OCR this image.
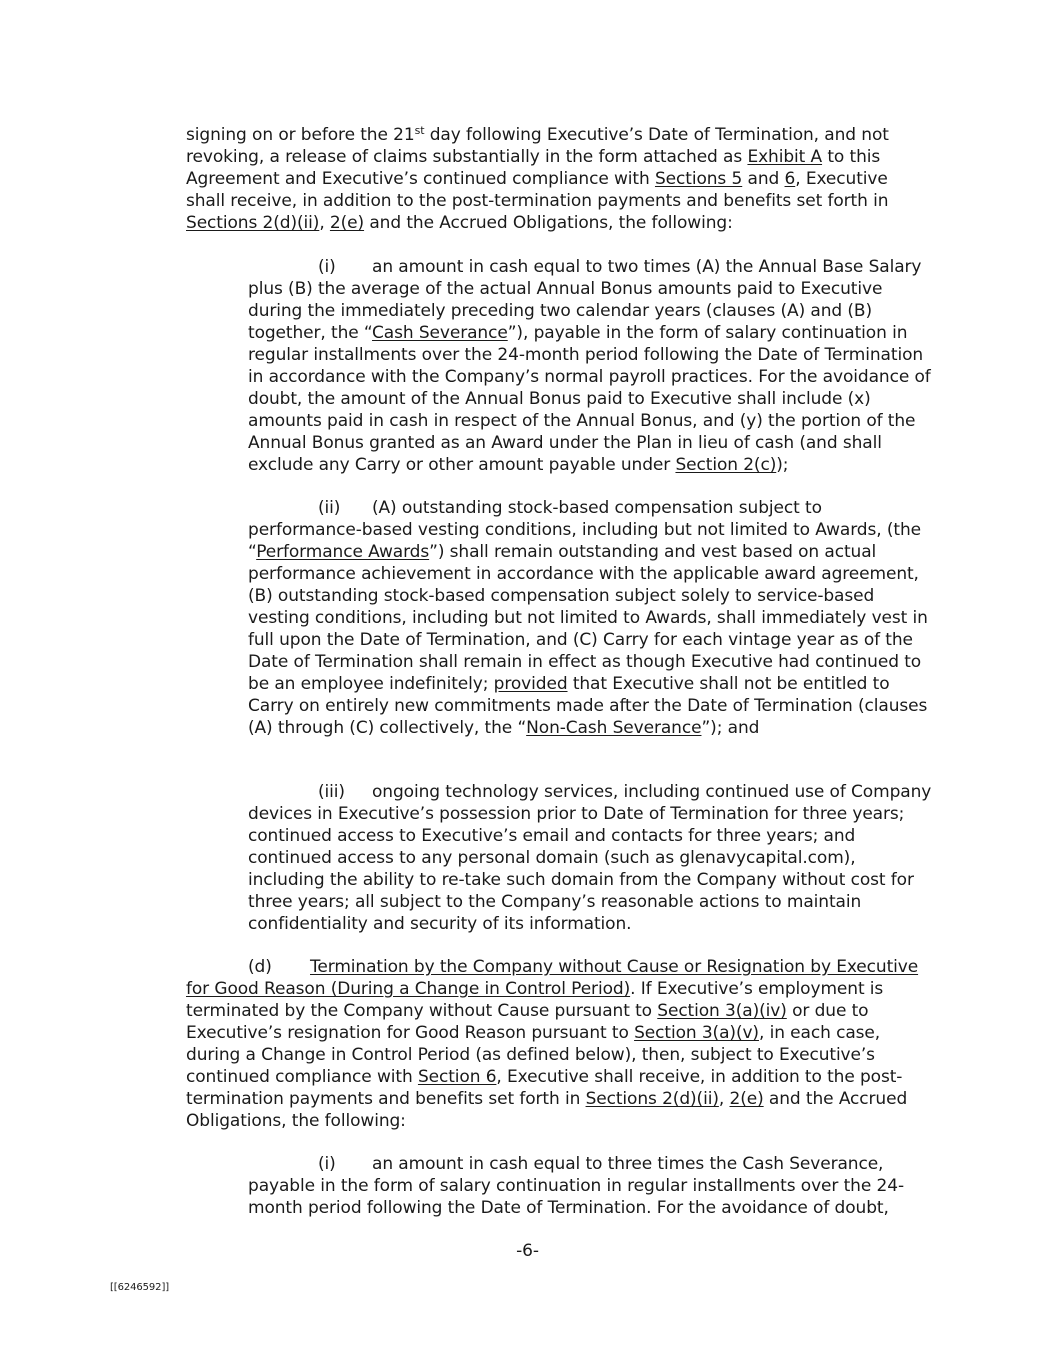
signing on or before the 21st day following Executive’s Date of Termination, and not revoking, a release of claims substantially in the form attached as Exhibit A to this Agreement and Executive’s continued compliance with Sections 5 and 6, Executive shall receive, in addition to the post-termination payments and benefits set forth in Sections 2(d)(ii), 2(e) and the Accrued Obligations, the following:

(i) an amount in cash equal to two times (A) the Annual Base Salary plus (B) the average of the actual Annual Bonus amounts paid to Executive during the immediately preceding two calendar years (clauses (A) and (B) together, the “Cash Severance”), payable in the form of salary continuation in regular installments over the 24-month period following the Date of Termination in accordance with the Company’s normal payroll practices. For the avoidance of doubt, the amount of the Annual Bonus paid to Executive shall include (x) amounts paid in cash in respect of the Annual Bonus, and (y) the portion of the Annual Bonus granted as an Award under the Plan in lieu of cash (and shall exclude any Carry or other amount payable under Section 2(c));

(ii) (A) outstanding stock-based compensation subject to performance-based vesting conditions, including but not limited to Awards, (the “Performance Awards”) shall remain outstanding and vest based on actual performance achievement in accordance with the applicable award agreement, (B) outstanding stock-based compensation subject solely to service-based vesting conditions, including but not limited to Awards, shall immediately vest in full upon the Date of Termination, and (C) Carry for each vintage year as of the Date of Termination shall remain in effect as though Executive had continued to be an employee indefinitely; provided that Executive shall not be entitled to Carry on entirely new commitments made after the Date of Termination (clauses (A) through (C) collectively, the “Non-Cash Severance”); and

(iii) ongoing technology services, including continued use of Company devices in Executive’s possession prior to Date of Termination for three years; continued access to Executive’s email and contacts for three years; and continued access to any personal domain (such as glenavycapital.com), including the ability to re-take such domain from the Company without cost for three years; all subject to the Company’s reasonable actions to maintain confidentiality and security of its information.

(d) Termination by the Company without Cause or Resignation by Executive for Good Reason (During a Change in Control Period). If Executive’s employment is terminated by the Company without Cause pursuant to Section 3(a)(iv) or due to Executive’s resignation for Good Reason pursuant to Section 3(a)(v), in each case, during a Change in Control Period (as defined below), then, subject to Executive’s continued compliance with Section 6, Executive shall receive, in addition to the post-termination payments and benefits set forth in Sections 2(d)(ii), 2(e) and the Accrued Obligations, the following:

(i) an amount in cash equal to three times the Cash Severance, payable in the form of salary continuation in regular installments over the 24-month period following the Date of Termination. For the avoidance of doubt,

-6-
[[6246592]]
